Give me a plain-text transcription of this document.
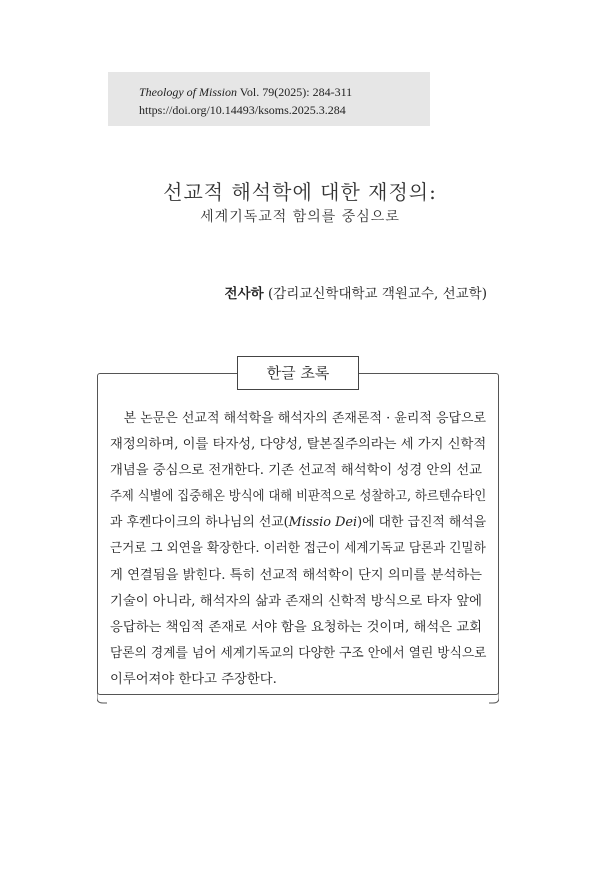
Theology of Mission Vol. 79(2025): 284-311
https://doi.org/10.14493/ksoms.2025.3.284
선교적 해석학에 대한 재정의:
세계기독교적 함의를 중심으로
전사하 (감리교신학대학교 객원교수, 선교학)
한글 초록
본 논문은 선교적 해석학을 해석자의 존재론적 · 윤리적 응답으로
재정의하며, 이를 타자성, 다양성, 탈본질주의라는 세 가지 신학적
개념을 중심으로 전개한다. 기존 선교적 해석학이 성경 안의 선교
주제 식별에 집중해온 방식에 대해 비판적으로 성찰하고, 하르텐슈타인
과 후켄다이크의 하나님의 선교(Missio Dei)에 대한 급진적 해석을
근거로 그 외연을 확장한다. 이러한 접근이 세계기독교 담론과 긴밀하
게 연결됨을 밝힌다. 특히 선교적 해석학이 단지 의미를 분석하는
기술이 아니라, 해석자의 삶과 존재의 신학적 방식으로 타자 앞에
응답하는 책임적 존재로 서야 함을 요청하는 것이며, 해석은 교회
담론의 경계를 넘어 세계기독교의 다양한 구조 안에서 열린 방식으로
이루어져야 한다고 주장한다.
